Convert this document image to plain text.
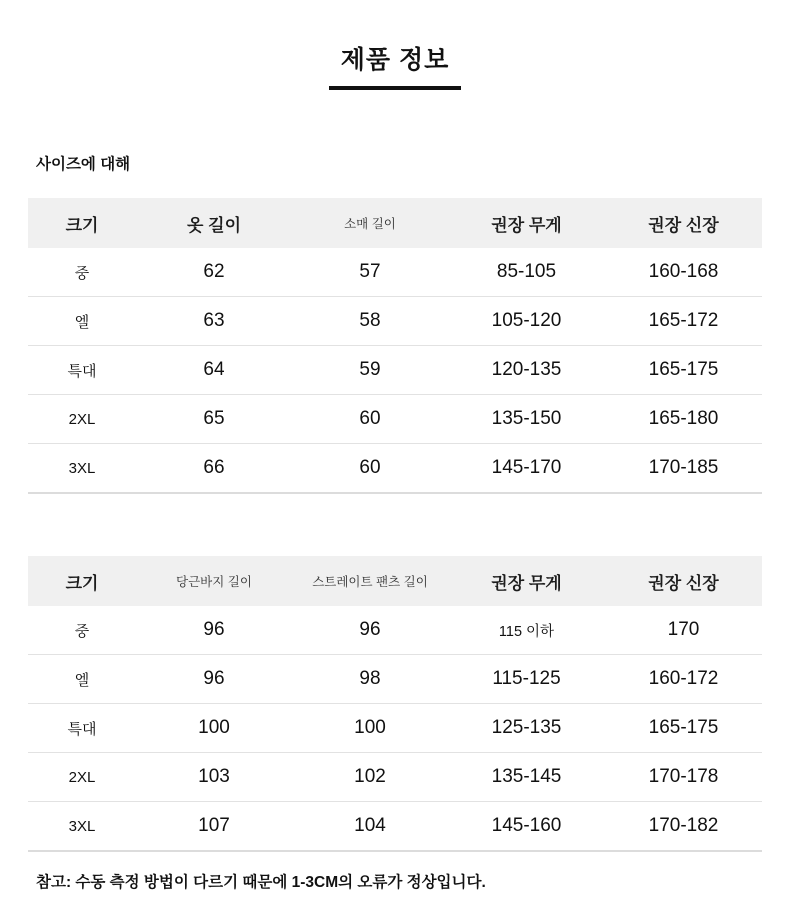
제품 정보
사이즈에 대해
크기	옷 길이	소매 길이	권장 무게	권장 신장
중	62	57	85-105	160-168
엘	63	58	105-120	165-172
특대	64	59	120-135	165-175
2XL	65	60	135-150	165-180
3XL	66	60	145-170	170-185
크기	당근바지 길이	스트레이트 팬츠 길이	권장 무게	권장 신장
중	96	96	115 이하	170
엘	96	98	115-125	160-172
특대	100	100	125-135	165-175
2XL	103	102	135-145	170-178
3XL	107	104	145-160	170-182
참고: 수동 측정 방법이 다르기 때문에 1-3CM의 오류가 정상입니다.
